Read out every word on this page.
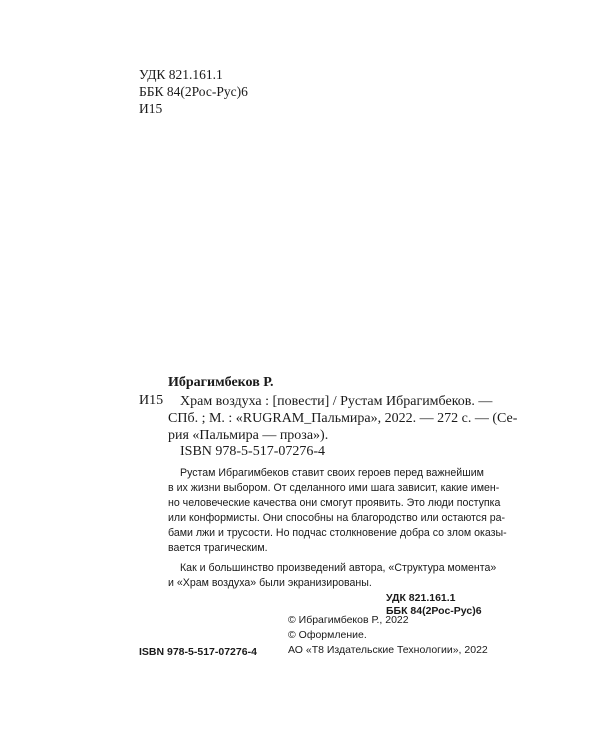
УДК 821.161.1
ББК 84(2Рос-Рус)6
И15
Ибрагимбеков Р.
И15	Храм воздуха : [повести] / Рустам Ибрагимбеков. —
СПб. ; М. : «RUGRAM_Пальмира», 2022. — 272 с. — (Се-
рия «Пальмира — проза»).
ISBN 978-5-517-07276-4
Рустам Ибрагимбеков ставит своих героев перед важнейшим
в их жизни выбором. От сделанного ими шага зависит, какие имен-
но человеческие качества они смогут проявить. Это люди поступка
или конформисты. Они способны на благородство или остаются ра-
бами лжи и трусости. Но подчас столкновение добра со злом оказы-
вается трагическим.
Как и большинство произведений автора, «Структура момента»
и «Храм воздуха» были экранизированы.
УДК 821.161.1
ББК 84(2Рос-Рус)6
© Ибрагимбеков Р., 2022
© Оформление.
АО «Т8 Издательские Технологии», 2022
ISBN 978-5-517-07276-4
